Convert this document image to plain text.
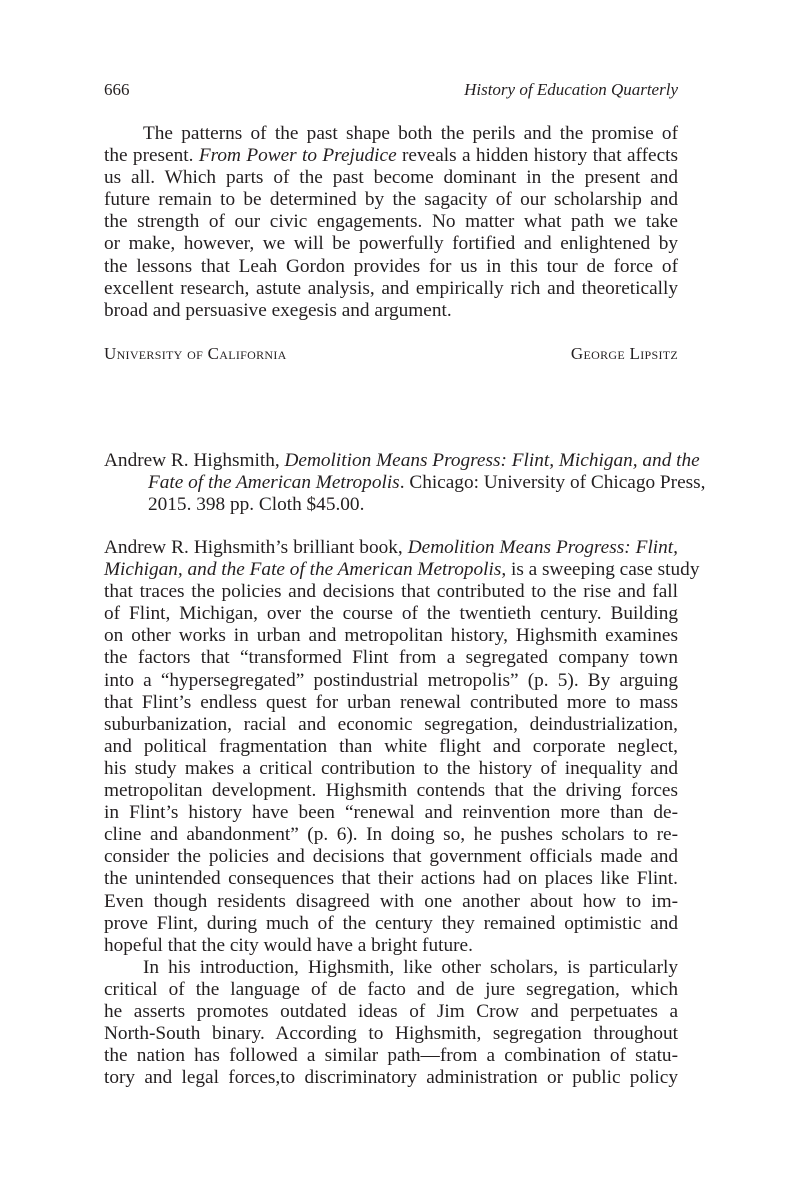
666	History of Education Quarterly
The patterns of the past shape both the perils and the promise of
the present. From Power to Prejudice reveals a hidden history that affects
us all. Which parts of the past become dominant in the present and
future remain to be determined by the sagacity of our scholarship and
the strength of our civic engagements. No matter what path we take
or make, however, we will be powerfully fortified and enlightened by
the lessons that Leah Gordon provides for us in this tour de force of
excellent research, astute analysis, and empirically rich and theoretically
broad and persuasive exegesis and argument.
University of California	George Lipsitz
Andrew R. Highsmith, Demolition Means Progress: Flint, Michigan, and the
Fate of the American Metropolis. Chicago: University of Chicago Press,
2015. 398 pp. Cloth $45.00.
Andrew R. Highsmith’s brilliant book, Demolition Means Progress: Flint,
Michigan, and the Fate of the American Metropolis, is a sweeping case study
that traces the policies and decisions that contributed to the rise and fall
of Flint, Michigan, over the course of the twentieth century. Building
on other works in urban and metropolitan history, Highsmith examines
the factors that “transformed Flint from a segregated company town
into a “hypersegregated” postindustrial metropolis” (p. 5). By arguing
that Flint’s endless quest for urban renewal contributed more to mass
suburbanization, racial and economic segregation, deindustrialization,
and political fragmentation than white flight and corporate neglect,
his study makes a critical contribution to the history of inequality and
metropolitan development. Highsmith contends that the driving forces
in Flint’s history have been “renewal and reinvention more than de-
cline and abandonment” (p. 6). In doing so, he pushes scholars to re-
consider the policies and decisions that government officials made and
the unintended consequences that their actions had on places like Flint.
Even though residents disagreed with one another about how to im-
prove Flint, during much of the century they remained optimistic and
hopeful that the city would have a bright future.
In his introduction, Highsmith, like other scholars, is particularly
critical of the language of de facto and de jure segregation, which
he asserts promotes outdated ideas of Jim Crow and perpetuates a
North-South binary. According to Highsmith, segregation throughout
the nation has followed a similar path—from a combination of statu-
tory and legal forces,to discriminatory administration or public policy
